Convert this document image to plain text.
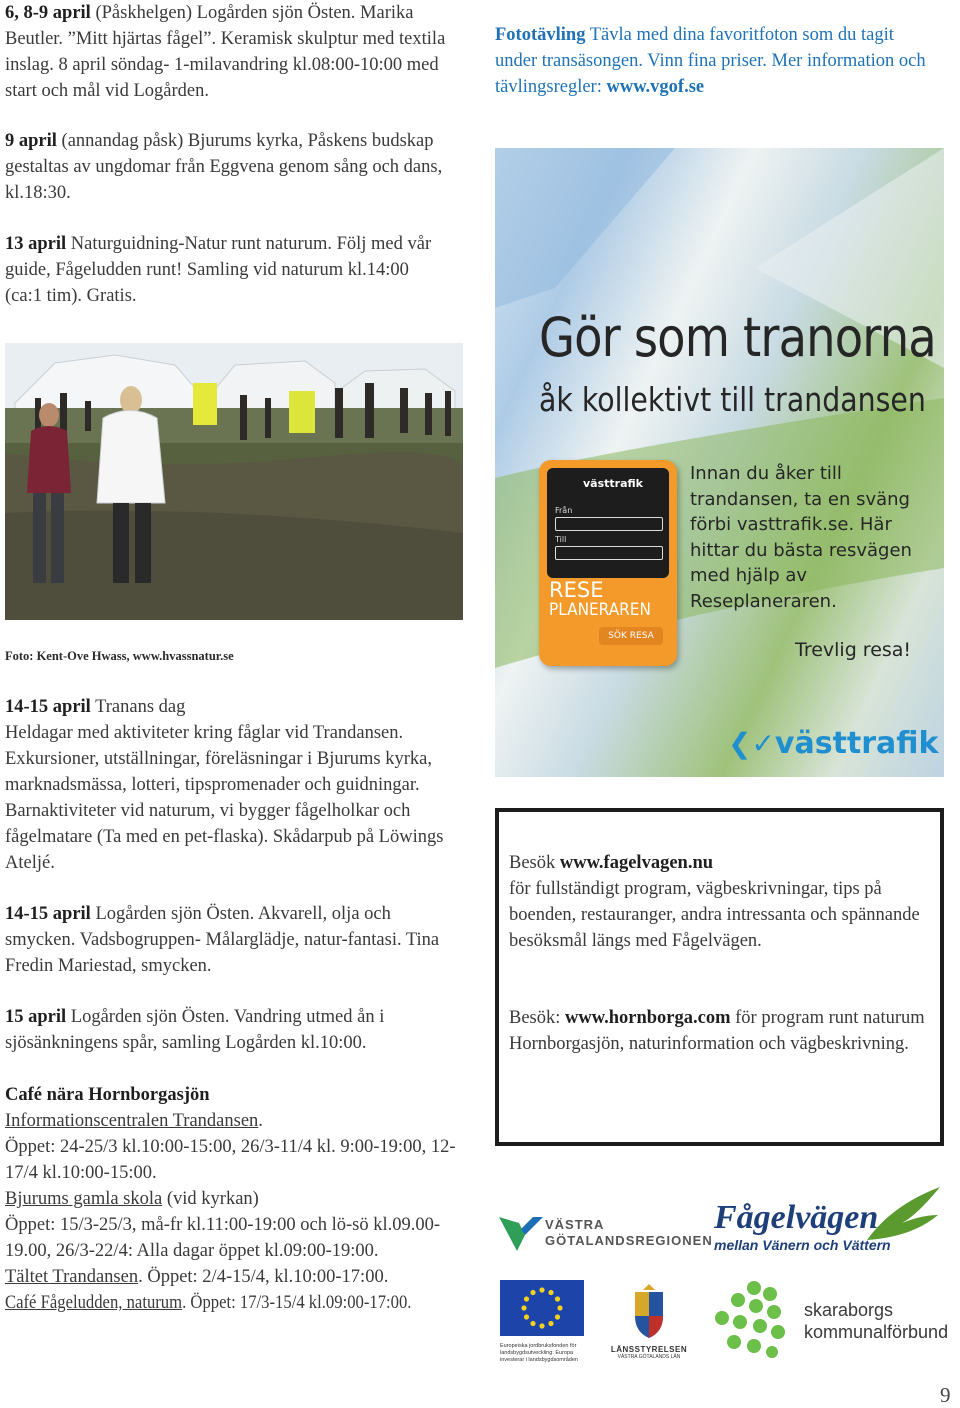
6, 8-9 april (Påskhelgen) Logården sjön Östen. Marika Beutler. ”Mitt hjärtas fågel”. Keramisk skulptur med textila inslag. 8 april söndag- 1-milavandring kl.08:00-10:00 med start och mål vid Logården.

9 april (annandag påsk) Bjurums kyrka, Påskens budskap gestaltas av ungdomar från Eggvena genom sång och dans, kl.18:30.

13 april Naturguidning-Natur runt naturum. Följ med vår guide, Fågeludden runt! Samling vid naturum kl.14:00 (ca:1 tim). Gratis.

Foto: Kent-Ove Hwass, www.hvassnatur.se

14-15 april Tranans dag
Heldagar med aktiviteter kring fåglar vid Trandansen. Exkursioner, utställningar, föreläsningar i Bjurums kyrka, marknadsmässa, lotteri, tipspromenader och guidningar. Barnaktiviteter vid naturum, vi bygger fågelholkar och fågelmatare (Ta med en pet-flaska). Skådarpub på Löwings Ateljé.

14-15 april Logården sjön Östen. Akvarell, olja och smycken. Vadsbogruppen- Målarglädje, natur-fantasi. Tina Fredin Mariestad, smycken.

15 april Logården sjön Östen. Vandring utmed ån i sjösänkningens spår, samling Logården kl.10:00.

Café nära Hornborgasjön
Informationscentralen Trandansen.
Öppet: 24-25/3 kl.10:00-15:00, 26/3-11/4 kl. 9:00-19:00, 12-17/4 kl.10:00-15:00.
Bjurums gamla skola (vid kyrkan)
Öppet: 15/3-25/3, må-fr kl.11:00-19:00 och lö-sö kl.09.00-19.00, 26/3-22/4: Alla dagar öppet kl.09:00-19:00.
Tältet Trandansen. Öppet: 2/4-15/4, kl.10:00-17:00.
Café Fågeludden, naturum. Öppet: 17/3-15/4 kl.09:00-17:00.

Fototävling Tävla med dina favoritfoton som du tagit under transäsongen. Vinn fina priser. Mer information och tävlingsregler: www.vgof.se

Gör som tranorna
åk kollektivt till trandansen
västtrafik
Från
Till
RESE
PLANERAREN
SÖK RESA
Innan du åker till trandansen, ta en sväng förbi vasttrafik.se. Här hittar du bästa resvägen med hjälp av Reseplaneraren.
Trevlig resa!
❮✓västtrafik

Besök www.fagelvagen.nu
för fullständigt program, vägbeskrivningar, tips på boenden, restauranger, andra intressanta och spännande besöksmål längs med Fågelvägen.

Besök: www.hornborga.com för program runt naturum Hornborgasjön, naturinformation och vägbeskrivning.

VÄSTRA
GÖTALANDSREGIONEN
Fågelvägen
mellan Vänern och Vättern
Europeiska jordbruksfonden för landsbygdsutveckling: Europa investerar i landsbygdsområden
LÄNSSTYRELSEN
VÄSTRA GÖTALANDS LÄN
skaraborgs
kommunalförbund
9
